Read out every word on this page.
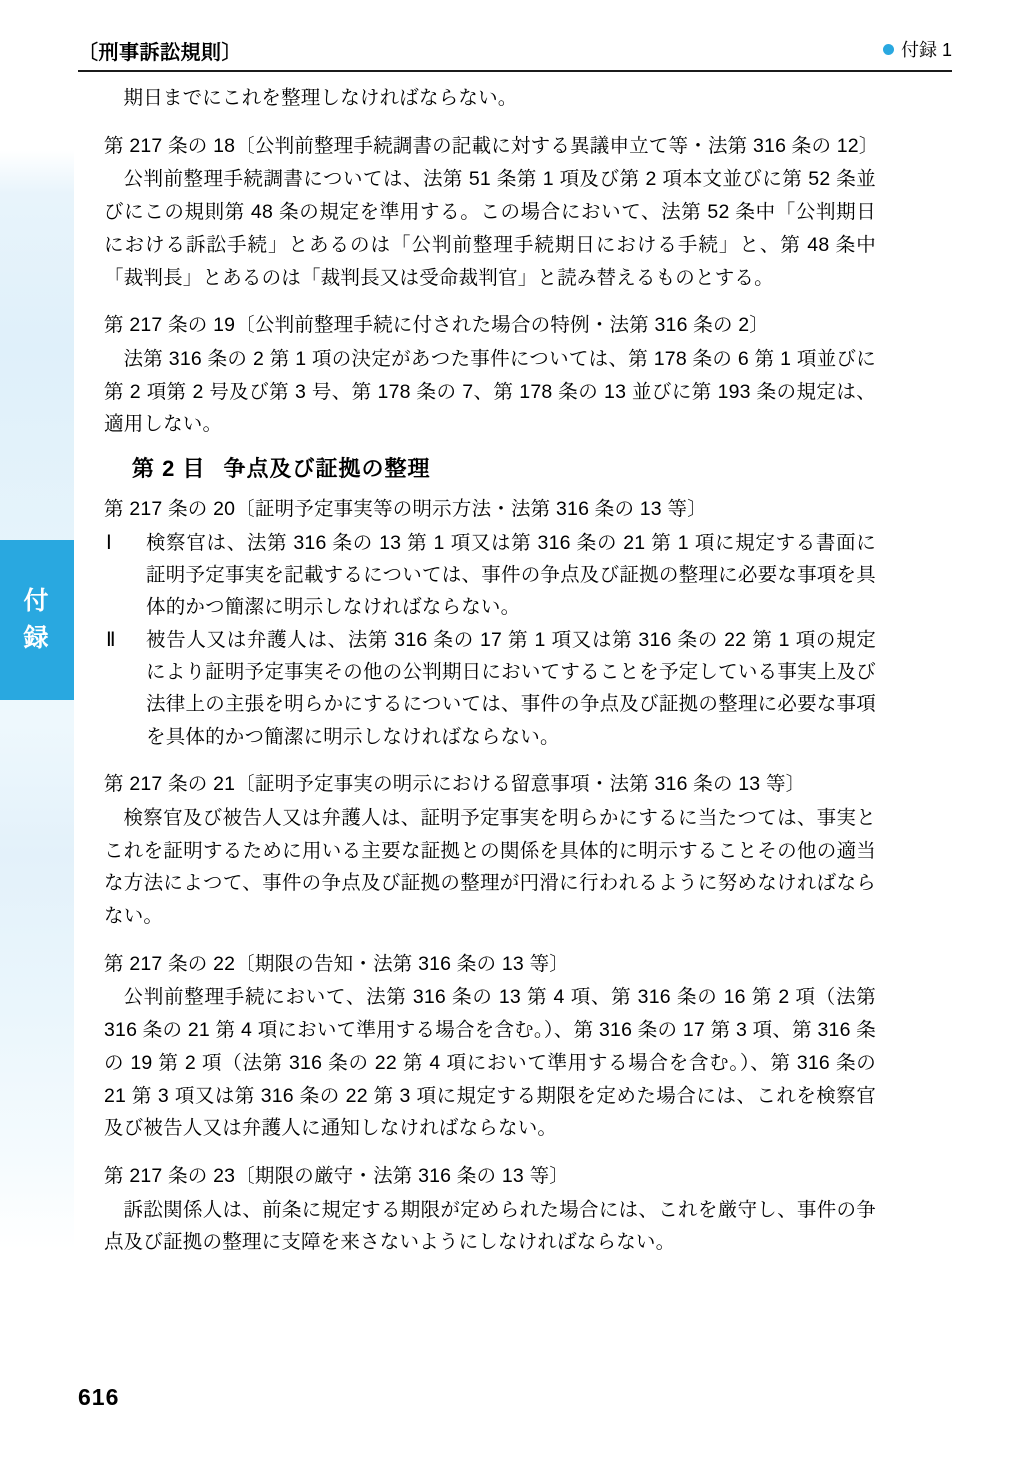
付
録
〔刑事訴訟規則〕	付録 1

期日までにこれを整理しなければならない。

第 217 条の 18〔公判前整理手続調書の記載に対する異議申立て等・法第 316 条の 12〕

公判前整理手続調書については、法第 51 条第 1 項及び第 2 項本文並びに第 52 条並びにこの規則第 48 条の規定を準用する。この場合において、法第 52 条中「公判期日における訴訟手続」とあるのは「公判前整理手続期日における手続」と、第 48 条中「裁判長」とあるのは「裁判長又は受命裁判官」と読み替えるものとする。

第 217 条の 19〔公判前整理手続に付された場合の特例・法第 316 条の 2〕

法第 316 条の 2 第 1 項の決定があつた事件については、第 178 条の 6 第 1 項並びに第 2 項第 2 号及び第 3 号、第 178 条の 7、第 178 条の 13 並びに第 193 条の規定は、適用しない。

第 2 目 争点及び証拠の整理

第 217 条の 20〔証明予定事実等の明示方法・法第 316 条の 13 等〕

Ⅰ	検察官は、法第 316 条の 13 第 1 項又は第 316 条の 21 第 1 項に規定する書面に証明予定事実を記載するについては、事件の争点及び証拠の整理に必要な事項を具体的かつ簡潔に明示しなければならない。
Ⅱ	被告人又は弁護人は、法第 316 条の 17 第 1 項又は第 316 条の 22 第 1 項の規定により証明予定事実その他の公判期日においてすることを予定している事実上及び法律上の主張を明らかにするについては、事件の争点及び証拠の整理に必要な事項を具体的かつ簡潔に明示しなければならない。

第 217 条の 21〔証明予定事実の明示における留意事項・法第 316 条の 13 等〕

検察官及び被告人又は弁護人は、証明予定事実を明らかにするに当たつては、事実とこれを証明するために用いる主要な証拠との関係を具体的に明示することその他の適当な方法によつて、事件の争点及び証拠の整理が円滑に行われるように努めなければならない。

第 217 条の 22〔期限の告知・法第 316 条の 13 等〕

公判前整理手続において、法第 316 条の 13 第 4 項、第 316 条の 16 第 2 項（法第 316 条の 21 第 4 項において準用する場合を含む。）、第 316 条の 17 第 3 項、第 316 条の 19 第 2 項（法第 316 条の 22 第 4 項において準用する場合を含む。）、第 316 条の 21 第 3 項又は第 316 条の 22 第 3 項に規定する期限を定めた場合には、これを検察官及び被告人又は弁護人に通知しなければならない。

第 217 条の 23〔期限の厳守・法第 316 条の 13 等〕

訴訟関係人は、前条に規定する期限が定められた場合には、これを厳守し、事件の争点及び証拠の整理に支障を来さないようにしなければならない。

616
